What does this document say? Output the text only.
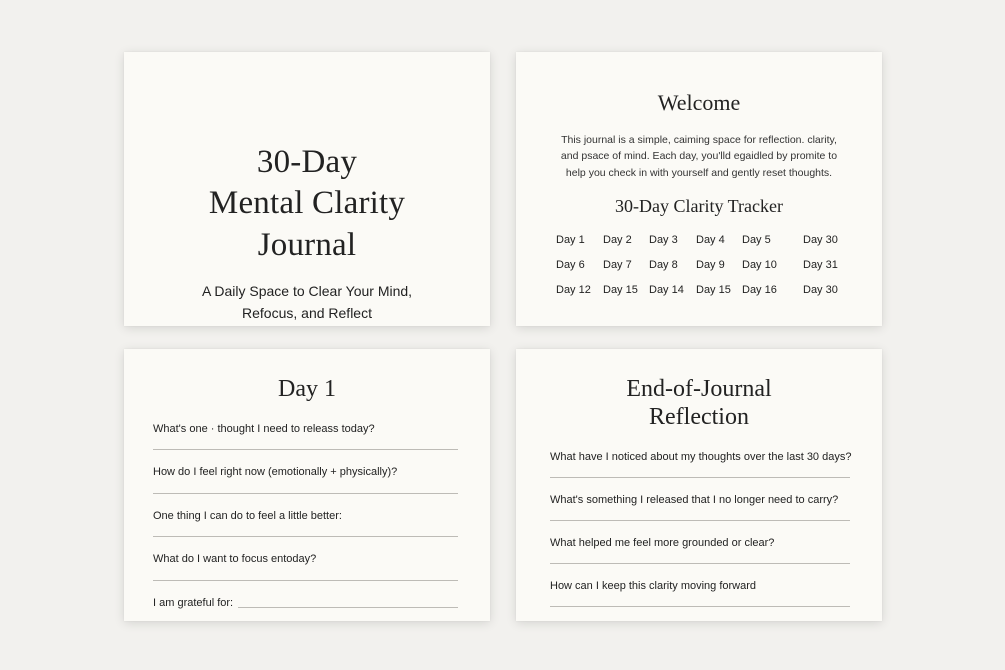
30-Day
Mental Clarity
Journal
A Daily Space to Clear Your Mind,
Refocus, and Reflect
Welcome
This journal is a simple, caiming space for reflection. clarity,
and psace of mind. Each day, you'lld egaidled by promite to
help you check in with yourself and gently reset thoughts.
30-Day Clarity Tracker
Day 1 Day 2 Day 3 Day 4 Day 5	Day 30
Day 6 Day 7 Day 8 Day 9 Day 10 Day 31
Day 12 Day 15 Day 14 Day 15 Day 16 Day 30
Day 1
What's one · thought I need to releass today?
How do I feel right now (emotionally + physically)?
One thing I can do to feel a little better:
What do I want to focus entoday?
I am grateful for:
End-of-Journal
Reflection
What have I noticed about my thoughts over the last 30 days?
What's something I released that I no longer need to carry?
What helped me feel more grounded or clear?
How can I keep this clarity moving forward
